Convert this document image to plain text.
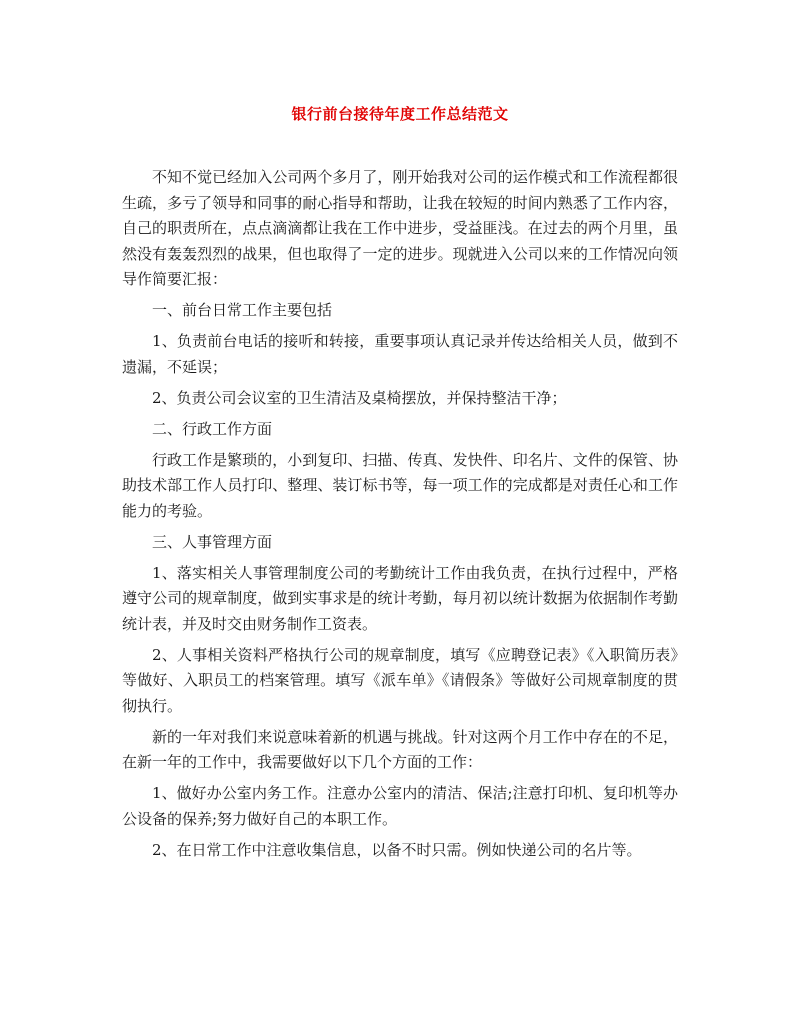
银行前台接待年度工作总结范文

不知不觉已经加入公司两个多月了，刚开始我对公司的运作模式和工作流程都很生疏，多亏了领导和同事的耐心指导和帮助，让我在较短的时间内熟悉了工作内容，自己的职责所在，点点滴滴都让我在工作中进步，受益匪浅。在过去的两个月里，虽然没有轰轰烈烈的战果，但也取得了一定的进步。现就进入公司以来的工作情况向领导作简要汇报：

一、前台日常工作主要包括

1、负责前台电话的接听和转接，重要事项认真记录并传达给相关人员，做到不遗漏，不延误；

2、负责公司会议室的卫生清洁及桌椅摆放，并保持整洁干净；

二、行政工作方面

行政工作是繁琐的，小到复印、扫描、传真、发快件、印名片、文件的保管、协助技术部工作人员打印、整理、装订标书等，每一项工作的完成都是对责任心和工作能力的考验。

三、人事管理方面

1、落实相关人事管理制度公司的考勤统计工作由我负责，在执行过程中，严格遵守公司的规章制度，做到实事求是的统计考勤，每月初以统计数据为依据制作考勤统计表，并及时交由财务制作工资表。

2、人事相关资料严格执行公司的规章制度，填写《应聘登记表》《入职简历表》等做好、入职员工的档案管理。填写《派车单》《请假条》等做好公司规章制度的贯彻执行。

新的一年对我们来说意味着新的机遇与挑战。针对这两个月工作中存在的不足，在新一年的工作中，我需要做好以下几个方面的工作：

1、做好办公室内务工作。注意办公室内的清洁、保洁;注意打印机、复印机等办公设备的保养;努力做好自己的本职工作。

2、在日常工作中注意收集信息，以备不时只需。例如快递公司的名片等。
